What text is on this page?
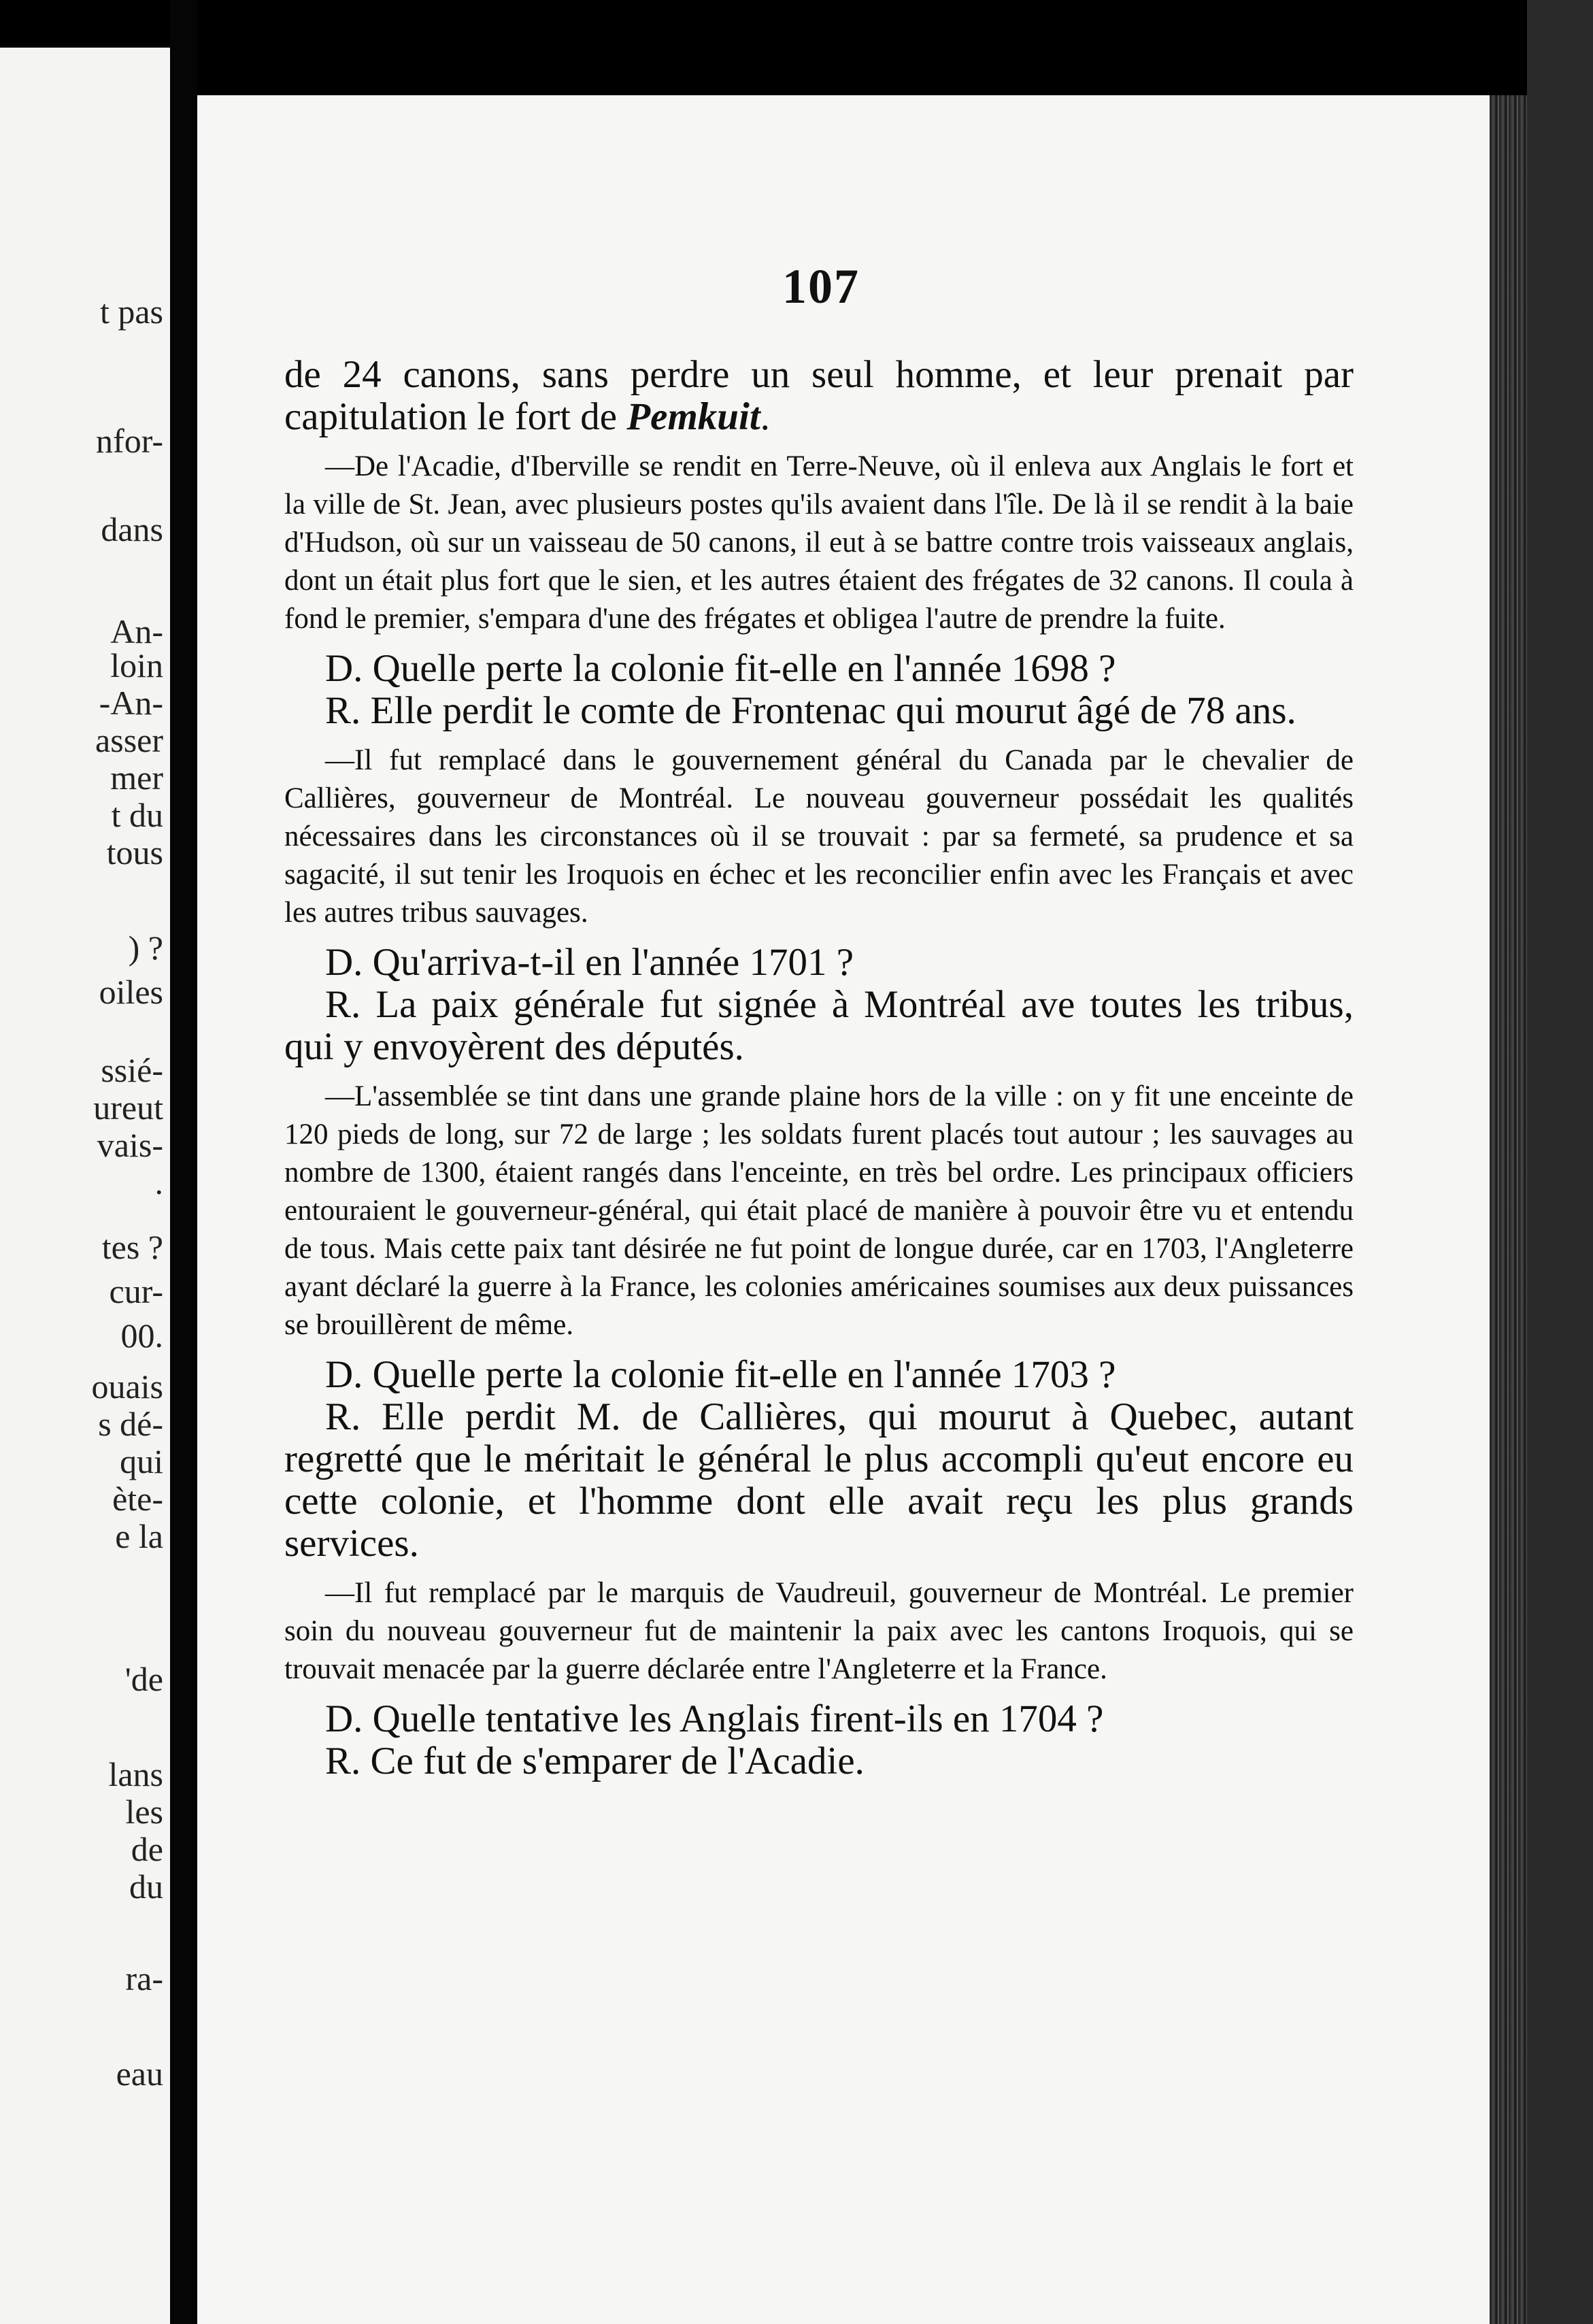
t pas
nfor-
dans
An-
loin
-An-
asser
mer
t du
tous
) ?
oiles
ssié-
ureut
vais-
.
tes ?
cur-
00.
ouais
s dé-
qui
ète-
e la
'de
lans
les
de
du
ra-
eau
107

de 24 canons, sans perdre un seul homme, et leur prenait par capitulation le fort de Pemkuit.

—De l'Acadie, d'Iberville se rendit en Terre-Neuve, où il enleva aux Anglais le fort et la ville de St. Jean, avec plusieurs postes qu'ils avaient dans l'île. De là il se rendit à la baie d'Hudson, où sur un vaisseau de 50 canons, il eut à se battre contre trois vaisseaux anglais, dont un était plus fort que le sien, et les autres étaient des frégates de 32 canons. Il coula à fond le premier, s'empara d'une des frégates et obligea l'autre de prendre la fuite.

D. Quelle perte la colonie fit-elle en l'année 1698 ?

R. Elle perdit le comte de Frontenac qui mourut âgé de 78 ans.

—Il fut remplacé dans le gouvernement général du Canada par le chevalier de Callières, gouverneur de Montréal. Le nouveau gouverneur possédait les qualités nécessaires dans les circonstances où il se trouvait : par sa fermeté, sa prudence et sa sagacité, il sut tenir les Iroquois en échec et les reconcilier enfin avec les Français et avec les autres tribus sauvages.

D. Qu'arriva-t-il en l'année 1701 ?

R. La paix générale fut signée à Montréal ave toutes les tribus, qui y envoyèrent des députés.

—L'assemblée se tint dans une grande plaine hors de la ville : on y fit une enceinte de 120 pieds de long, sur 72 de large ; les soldats furent placés tout autour ; les sauvages au nombre de 1300, étaient rangés dans l'enceinte, en très bel ordre. Les principaux officiers entouraient le gouverneur-général, qui était placé de manière à pouvoir être vu et entendu de tous. Mais cette paix tant désirée ne fut point de longue durée, car en 1703, l'Angleterre ayant déclaré la guerre à la France, les colonies américaines soumises aux deux puissances se brouillèrent de même.

D. Quelle perte la colonie fit-elle en l'année 1703 ?

R. Elle perdit M. de Callières, qui mourut à Quebec, autant regretté que le méritait le général le plus accompli qu'eut encore eu cette colonie, et l'homme dont elle avait reçu les plus grands services.

—Il fut remplacé par le marquis de Vaudreuil, gouverneur de Montréal. Le premier soin du nouveau gouverneur fut de maintenir la paix avec les cantons Iroquois, qui se trouvait menacée par la guerre déclarée entre l'Angleterre et la France.

D. Quelle tentative les Anglais firent-ils en 1704 ?

R. Ce fut de s'emparer de l'Acadie.
